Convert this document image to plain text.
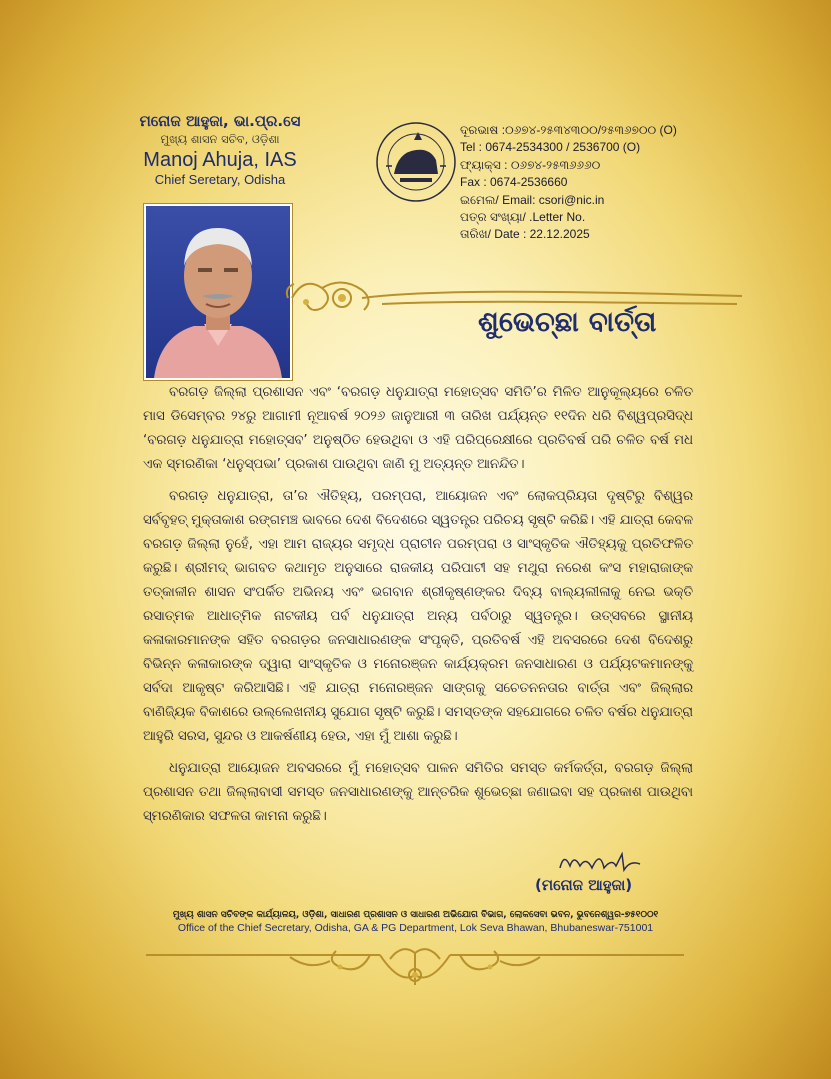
ମନୋଜ ଆହୁଜା, ଭା.ପ୍ର.ସେ
ମୁଖ୍ୟ ଶାସନ ସଚିବ, ଓଡ଼ିଶା
Manoj Ahuja, IAS
Chief Seretary, Odisha
ଦୂରଭାଷ :୦୬୭୪-୨୫୩୪୩୦୦/୨୫୩୬୭୦୦ (O)
Tel : 0674-2534300 / 2536700 (O)
ଫ୍ୟାକ୍ସ : ୦୬୭୪-୨୫୩୬୬୬୦
Fax : 0674-2536660
ଇମେଲ/ Email: csori@nic.in
ପତ୍ର ସଂଖ୍ୟା/ .Letter No.
ତାରିଖ/ Date : 22.12.2025
ଶୁଭେଚ୍ଛା ବାର୍ତ୍ତା

ବରଗଡ଼ ଜିଲ୍ଲା ପ୍ରଶାସନ ଏବଂ ‘ବରଗଡ଼ ଧନୁଯାତ୍ରା ମହୋତ୍ସବ ସମିତି’ର ମିଳିତ ଆନୁକୂଲ୍ୟରେ ଚଳିତ ମାସ ଡିସେମ୍ବର ୨୪ରୁ ଆଗାମୀ ନୂଆବର୍ଷ ୨୦୨୬ ଜାନୁଆରୀ ୩ ତାରିଖ ପର୍ଯ୍ୟନ୍ତ ୧୧ଦିନ ଧରି ବିଶ୍ୱପ୍ରସିଦ୍ଧ ‘ବରଗଡ଼ ଧନୁଯାତ୍ରା ମହୋତ୍ସବ’ ଅନୁଷ୍ଠିତ ହେଉଥିବା ଓ ଏହି ପରିପ୍ରେକ୍ଷୀରେ ପ୍ରତିବର୍ଷ ପରି ଚଳିତ ବର୍ଷ ମଧ ଏକ ସ୍ମରଣିକା ‘ଧନୁସ୍ପଭା’ ପ୍ରକାଶ ପାଉଥିବା ଜାଣି ମୁ ଅତ୍ୟନ୍ତ ଆନନ୍ଦିତ।

ବରଗଡ଼ ଧନୁଯାତ୍ରା, ତା’ର ଐତିହ୍ୟ, ପରମ୍ପରା, ଆୟୋଜନ ଏବଂ ଲୋକପ୍ରିୟତା ଦୃଷ୍ଟିରୁ ବିଶ୍ୱର ସର୍ବବୃହତ୍ ମୁକ୍ତାକାଶ ରଙ୍ଗମଞ୍ଚ ଭାବରେ ଦେଶ ବିଦେଶରେ ସ୍ୱତନ୍ତ୍ର ପରିଚୟ ସୃଷ୍ଟି କରିଛି। ଏହି ଯାତ୍ରା କେବଳ ବରଗଡ଼ ଜିଲ୍ଲା ନୁହେଁ, ଏହା ଆମ ରାଜ୍ୟର ସମୃଦ୍ଧ ପ୍ରାଚୀନ ପରମ୍ପରା ଓ ସାଂସ୍କୃତିକ ଐତିହ୍ୟକୁ ପ୍ରତିଫଳିତ କରୁଛି। ଶ୍ରୀମଦ୍ ଭାଗବତ କଥାମୃତ ଅନୁସାରେ ରାଜକୀୟ ପରିପାଟୀ ସହ ମଥୁରା ନରେଶ କଂସ ମହାରାଜାଙ୍କ ତତ୍କାଳୀନ ଶାସନ ସଂପର୍କିତ ଅଭିନୟ ଏବଂ ଭଗବାନ ଶ୍ରୀକୃଷ୍ଣଙ୍କର ଦିବ୍ୟ ବାଲ୍ୟଲୀଳାକୁ ନେଇ ଭକ୍ତି ରସାତ୍ମକ ଆଧାତ୍ମିକ ନାଟକୀୟ ପର୍ବ ଧନୁଯାତ୍ରା ଅନ୍ୟ ପର୍ବଠାରୁ ସ୍ୱତନ୍ତ୍ର। ଉତ୍ସବରେ ସ୍ଥାନୀୟ କଳାକାରମାନଙ୍କ ସହିତ ବରଗଡ଼ର ଜନସାଧାରଣଙ୍କ ସଂପୃକ୍ତି, ପ୍ରତିବର୍ଷ ଏହି ଅବସରରେ ଦେଶ ବିଦେଶରୁ ବିଭିନ୍ନ କଳାକାରଙ୍କ ଦ୍ୱାରା ସାଂସ୍କୃତିକ ଓ ମନୋରଞ୍ଜନ କାର୍ଯ୍ୟକ୍ରମ ଜନସାଧାରଣ ଓ ପର୍ଯ୍ୟଟକମାନଙ୍କୁ ସର୍ବଦା ଆକୃଷ୍ଟ କରିଆସିଛି। ଏହି ଯାତ୍ରା ମନୋରଞ୍ଜନ ସାଙ୍ଗକୁ ସଚେତନନତାର ବାର୍ତ୍ତା ଏବଂ ଜିଲ୍ଲାର ବାଣିଜ୍ୟିକ ବିକାଶରେ ଉଲ୍ଲେଖନୀୟ ସୁଯୋଗ ସୃଷ୍ଟି କରୁଛି। ସମସ୍ତଙ୍କ ସହଯୋଗରେ ଚଳିତ ବର୍ଷର ଧନୁଯାତ୍ରା ଆହୁରି ସରସ, ସୁନ୍ଦର ଓ ଆକର୍ଷଣୀୟ ହେଉ, ଏହା ମୁଁ ଆଶା କରୁଛି।

ଧନୁଯାତ୍ରା ଆୟୋଜନ ଅବସରରେ ମୁଁ ମହୋତ୍ସବ ପାଳନ ସମିତିର ସମସ୍ତ କର୍ମକର୍ତ୍ତା, ବରଗଡ଼ ଜିଲ୍ଲା ପ୍ରଶାସନ ତଥା ଜିଲ୍ଲାବାସୀ ସମସ୍ତ ଜନସାଧାରଣଙ୍କୁ ଆନ୍ତରିକ ଶୁଭେଚ୍ଛା ଜଣାଇବା ସହ ପ୍ରକାଶ ପାଉଥିବା ସ୍ମରଣିକାର ସଫଳତା କାମନା କରୁଛି।

(ମନୋଜ ଆହୁଜା)
ମୁଖ୍ୟ ଶାସନ ସଚିବଙ୍କ କାର୍ଯ୍ୟାଳୟ, ଓଡ଼ିଶା, ସାଧାରଣ ପ୍ରଶାସନ ଓ ସାଧାରଣ ଅଭିଯୋଗ ବିଭାଗ, ଲୋକସେବା ଭବନ, ଭୁବନେଶ୍ୱର-୭୫୧୦୦୧
Office of the Chief Secretary, Odisha, GA & PG Department, Lok Seva Bhawan, Bhubaneswar-751001
